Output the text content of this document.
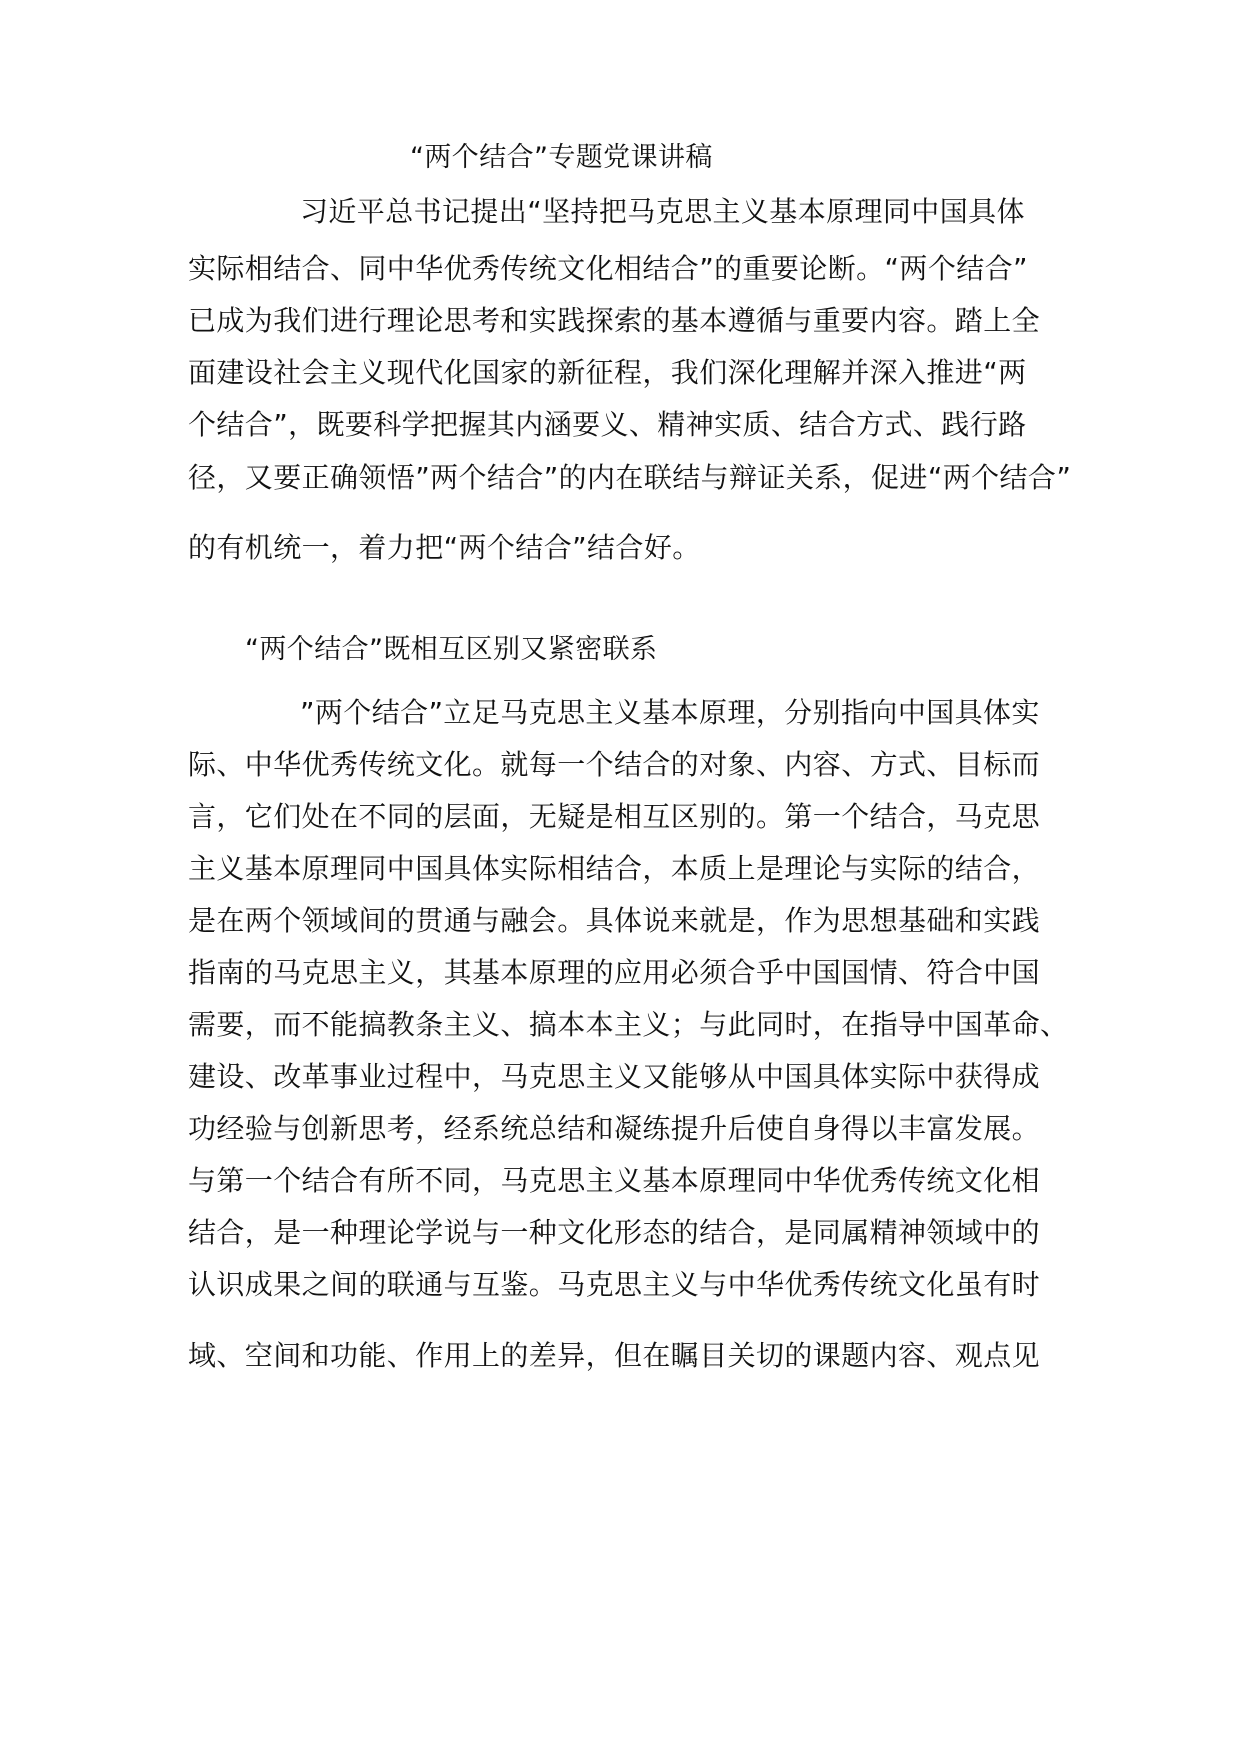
“两个结合”专题党课讲稿
习近平总书记提出“坚持把马克思主义基本原理同中国具体
实际相结合、同中华优秀传统文化相结合”的重要论断。“两个结合”
已成为我们进行理论思考和实践探索的基本遵循与重要内容。踏上全
面建设社会主义现代化国家的新征程，我们深化理解并深入推进“两
个结合”，既要科学把握其内涵要义、精神实质、结合方式、践行路
径，又要正确领悟”两个结合”的内在联结与辩证关系，促进“两个结合”
的有机统一，着力把“两个结合”结合好。
“两个结合”既相互区别又紧密联系
”两个结合”立足马克思主义基本原理，分别指向中国具体实
际、中华优秀传统文化。就每一个结合的对象、内容、方式、目标而
言，它们处在不同的层面，无疑是相互区别的。第一个结合，马克思
主义基本原理同中国具体实际相结合，本质上是理论与实际的结合，
是在两个领域间的贯通与融会。具体说来就是，作为思想基础和实践
指南的马克思主义，其基本原理的应用必须合乎中国国情、符合中国
需要，而不能搞教条主义、搞本本主义；与此同时，在指导中国革命、
建设、改革事业过程中，马克思主义又能够从中国具体实际中获得成
功经验与创新思考，经系统总结和凝练提升后使自身得以丰富发展。
与第一个结合有所不同，马克思主义基本原理同中华优秀传统文化相
结合，是一种理论学说与一种文化形态的结合，是同属精神领域中的
认识成果之间的联通与互鉴。马克思主义与中华优秀传统文化虽有时
域、空间和功能、作用上的差异，但在瞩目关切的课题内容、观点见
